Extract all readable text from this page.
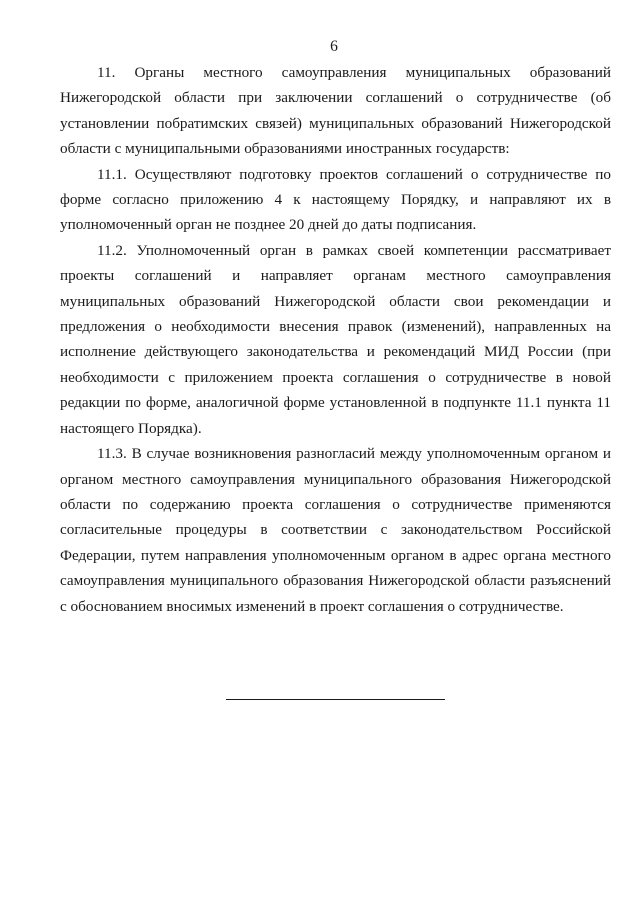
6

11. Органы местного самоуправления муниципальных образований Нижегородской области при заключении соглашений о сотрудничестве (об установлении побратимских связей) муниципальных образований Нижегородской области с муниципальными образованиями иностранных государств:

11.1. Осуществляют подготовку проектов соглашений о сотрудничестве по форме согласно приложению 4 к настоящему Порядку, и направляют их в уполномоченный орган не позднее 20 дней до даты подписания.

11.2. Уполномоченный орган в рамках своей компетенции рассматривает проекты соглашений и направляет органам местного самоуправления муниципальных образований Нижегородской области свои рекомендации и предложения о необходимости внесения правок (изменений), направленных на исполнение действующего законодательства и рекомендаций МИД России (при необходимости с приложением проекта соглашения о сотрудничестве в новой редакции по форме, аналогичной форме установленной в подпункте 11.1 пункта 11 настоящего Порядка).

11.3. В случае возникновения разногласий между уполномоченным органом и органом местного самоуправления муниципального образования Нижегородской области по содержанию проекта соглашения о сотрудничестве применяются согласительные процедуры в соответствии с законодательством Российской Федерации, путем направления уполномоченным органом в адрес органа местного самоуправления муниципального образования Нижегородской области разъяснений с обоснованием вносимых изменений в проект соглашения о сотрудничестве.
